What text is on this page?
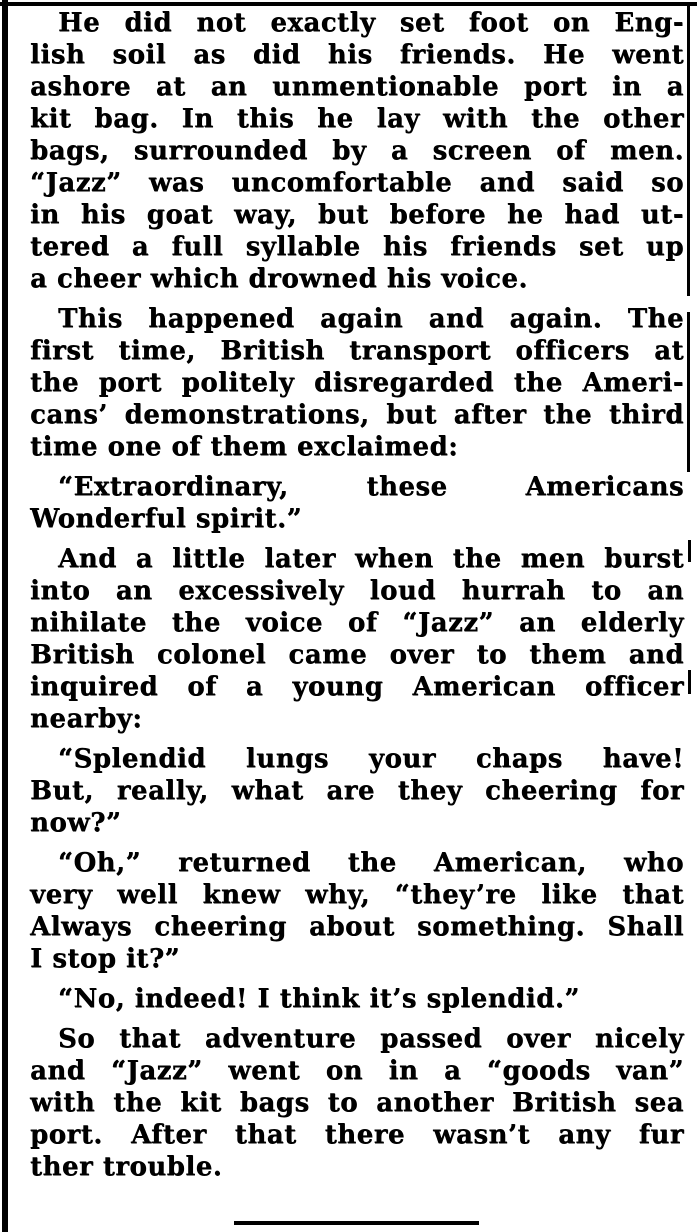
He did not exactly set foot on Eng-
lish soil as did his friends. He went
ashore at an unmentionable port in a
kit bag. In this he lay with the other
bags, surrounded by a screen of men.
“Jazz” was uncomfortable and said so
in his goat way, but before he had ut-
tered a full syllable his friends set up
a cheer which drowned his voice.
This happened again and again. The
first time, British transport officers at
the port politely disregarded the Ameri-
cans’ demonstrations, but after the third
time one of them exclaimed:
“Extraordinary, these Americans
Wonderful spirit.”
And a little later when the men burst
into an excessively loud hurrah to an
nihilate the voice of “Jazz” an elderly
British colonel came over to them and
inquired of a young American officer
nearby:
“Splendid lungs your chaps have!
But, really, what are they cheering for
now?”
“Oh,” returned the American, who
very well knew why, “they’re like that
Always cheering about something. Shall
I stop it?”
“No, indeed! I think it’s splendid.”
So that adventure passed over nicely
and “Jazz” went on in a “goods van”
with the kit bags to another British sea
port. After that there wasn’t any fur
ther trouble.
